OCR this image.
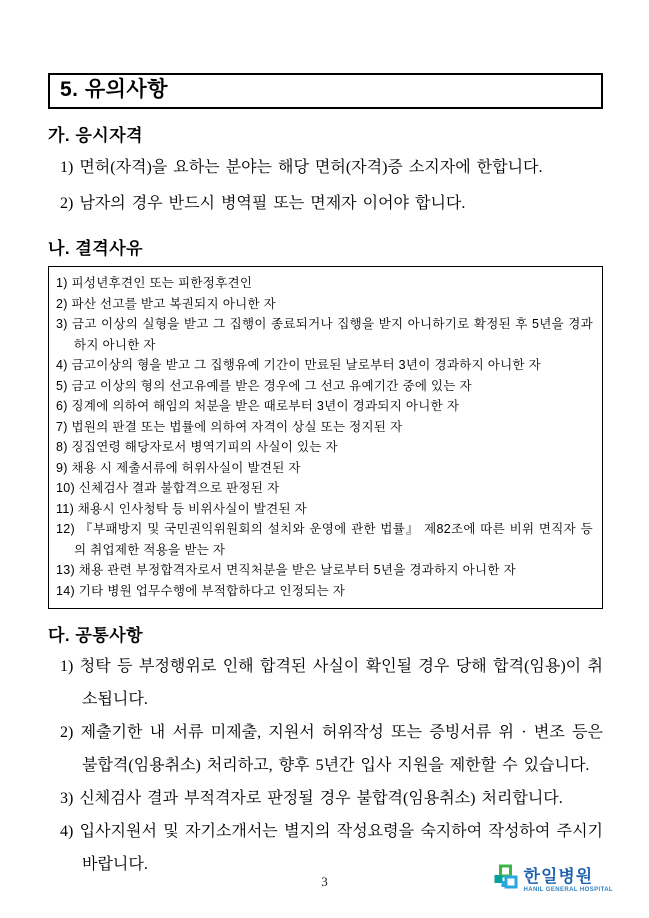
5. 유의사항
가. 응시자격
1) 면허(자격)을 요하는 분야는 해당 면허(자격)증 소지자에 한합니다.
2) 남자의 경우 반드시 병역필 또는 면제자 이어야 합니다.
나. 결격사유
1) 피성년후견인 또는 피한정후견인
2) 파산 선고를 받고 복권되지 아니한 자
3) 금고 이상의 실형을 받고 그 집행이 종료되거나 집행을 받지 아니하기로 확정된 후 5년을 경과하지 아니한 자
4) 금고이상의 형을 받고 그 집행유예 기간이 만료된 날로부터 3년이 경과하지 아니한 자
5) 금고 이상의 형의 선고유예를 받은 경우에 그 선고 유예기간 중에 있는 자
6) 징계에 의하여 해임의 처분을 받은 때로부터 3년이 경과되지 아니한 자
7) 법원의 판결 또는 법률에 의하여 자격이 상실 또는 정지된 자
8) 징집연령 해당자로서 병역기피의 사실이 있는 자
9) 채용 시 제출서류에 허위사실이 발견된 자
10) 신체검사 결과 불합격으로 판정된 자
11) 채용시 인사청탁 등 비위사실이 발견된 자
12) 『부패방지 및 국민권익위원회의 설치와 운영에 관한 법률』 제82조에 따른 비위 면직자 등의 취업제한 적용을 받는 자
13) 채용 관련 부정합격자로서 면직처분을 받은 날로부터 5년을 경과하지 아니한 자
14) 기타 병원 업무수행에 부적합하다고 인정되는 자
다. 공통사항
1) 청탁 등 부정행위로 인해 합격된 사실이 확인될 경우 당해 합격(임용)이 취소됩니다.
2) 제출기한 내 서류 미제출, 지원서 허위작성 또는 증빙서류 위 · 변조 등은 불합격(임용취소) 처리하고, 향후 5년간 입사 지원을 제한할 수 있습니다.
3) 신체검사 결과 부적격자로 판정될 경우 불합격(임용취소) 처리합니다.
4) 입사지원서 및 자기소개서는 별지의 작성요령을 숙지하여 작성하여 주시기 바랍니다.
3	한일병원
HANIL GENERAL HOSPITAL
